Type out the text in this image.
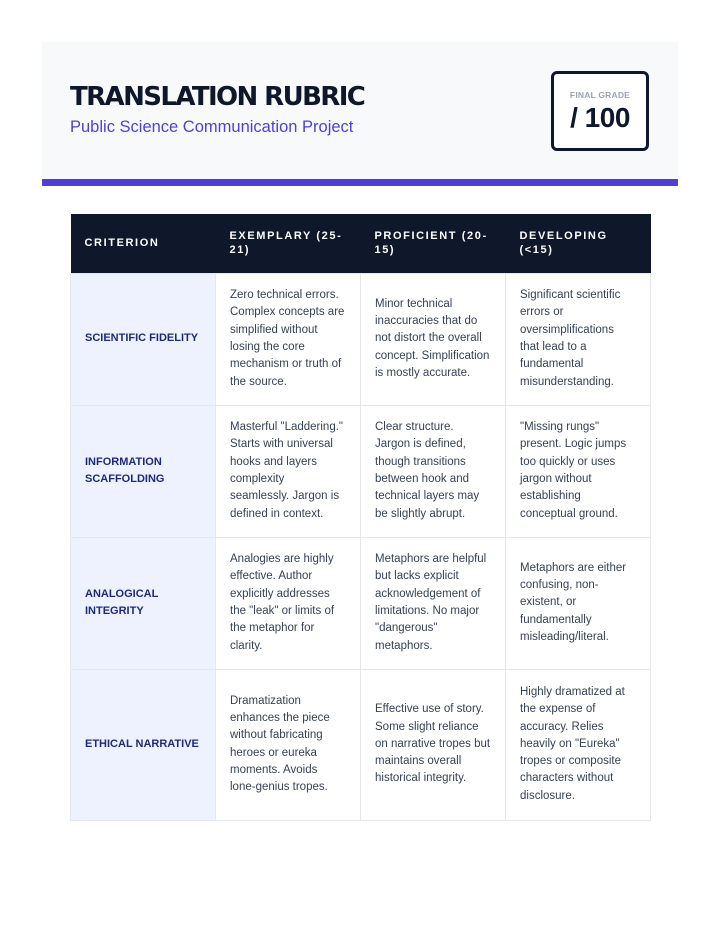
TRANSLATION RUBRIC
Public Science Communication Project
FINAL GRADE
/ 100
CRITERION	EXEMPLARY (25-21)	PROFICIENT (20-15)	DEVELOPING (<15)
SCIENTIFIC FIDELITY	Zero technical errors. Complex concepts are simplified without losing the core mechanism or truth of the source.	Minor technical inaccuracies that do not distort the overall concept. Simplification is mostly accurate.	Significant scientific errors or oversimplifications that lead to a fundamental misunderstanding.
INFORMATION SCAFFOLDING	Masterful "Laddering." Starts with universal hooks and layers complexity seamlessly. Jargon is defined in context.	Clear structure. Jargon is defined, though transitions between hook and technical layers may be slightly abrupt.	"Missing rungs" present. Logic jumps too quickly or uses jargon without establishing conceptual ground.
ANALOGICAL INTEGRITY	Analogies are highly effective. Author explicitly addresses the "leak" or limits of the metaphor for clarity.	Metaphors are helpful but lacks explicit acknowledgement of limitations. No major "dangerous" metaphors.	Metaphors are either confusing, non-existent, or fundamentally misleading/literal.
ETHICAL NARRATIVE	Dramatization enhances the piece without fabricating heroes or eureka moments. Avoids lone-genius tropes.	Effective use of story. Some slight reliance on narrative tropes but maintains overall historical integrity.	Highly dramatized at the expense of accuracy. Relies heavily on "Eureka" tropes or composite characters without disclosure.
